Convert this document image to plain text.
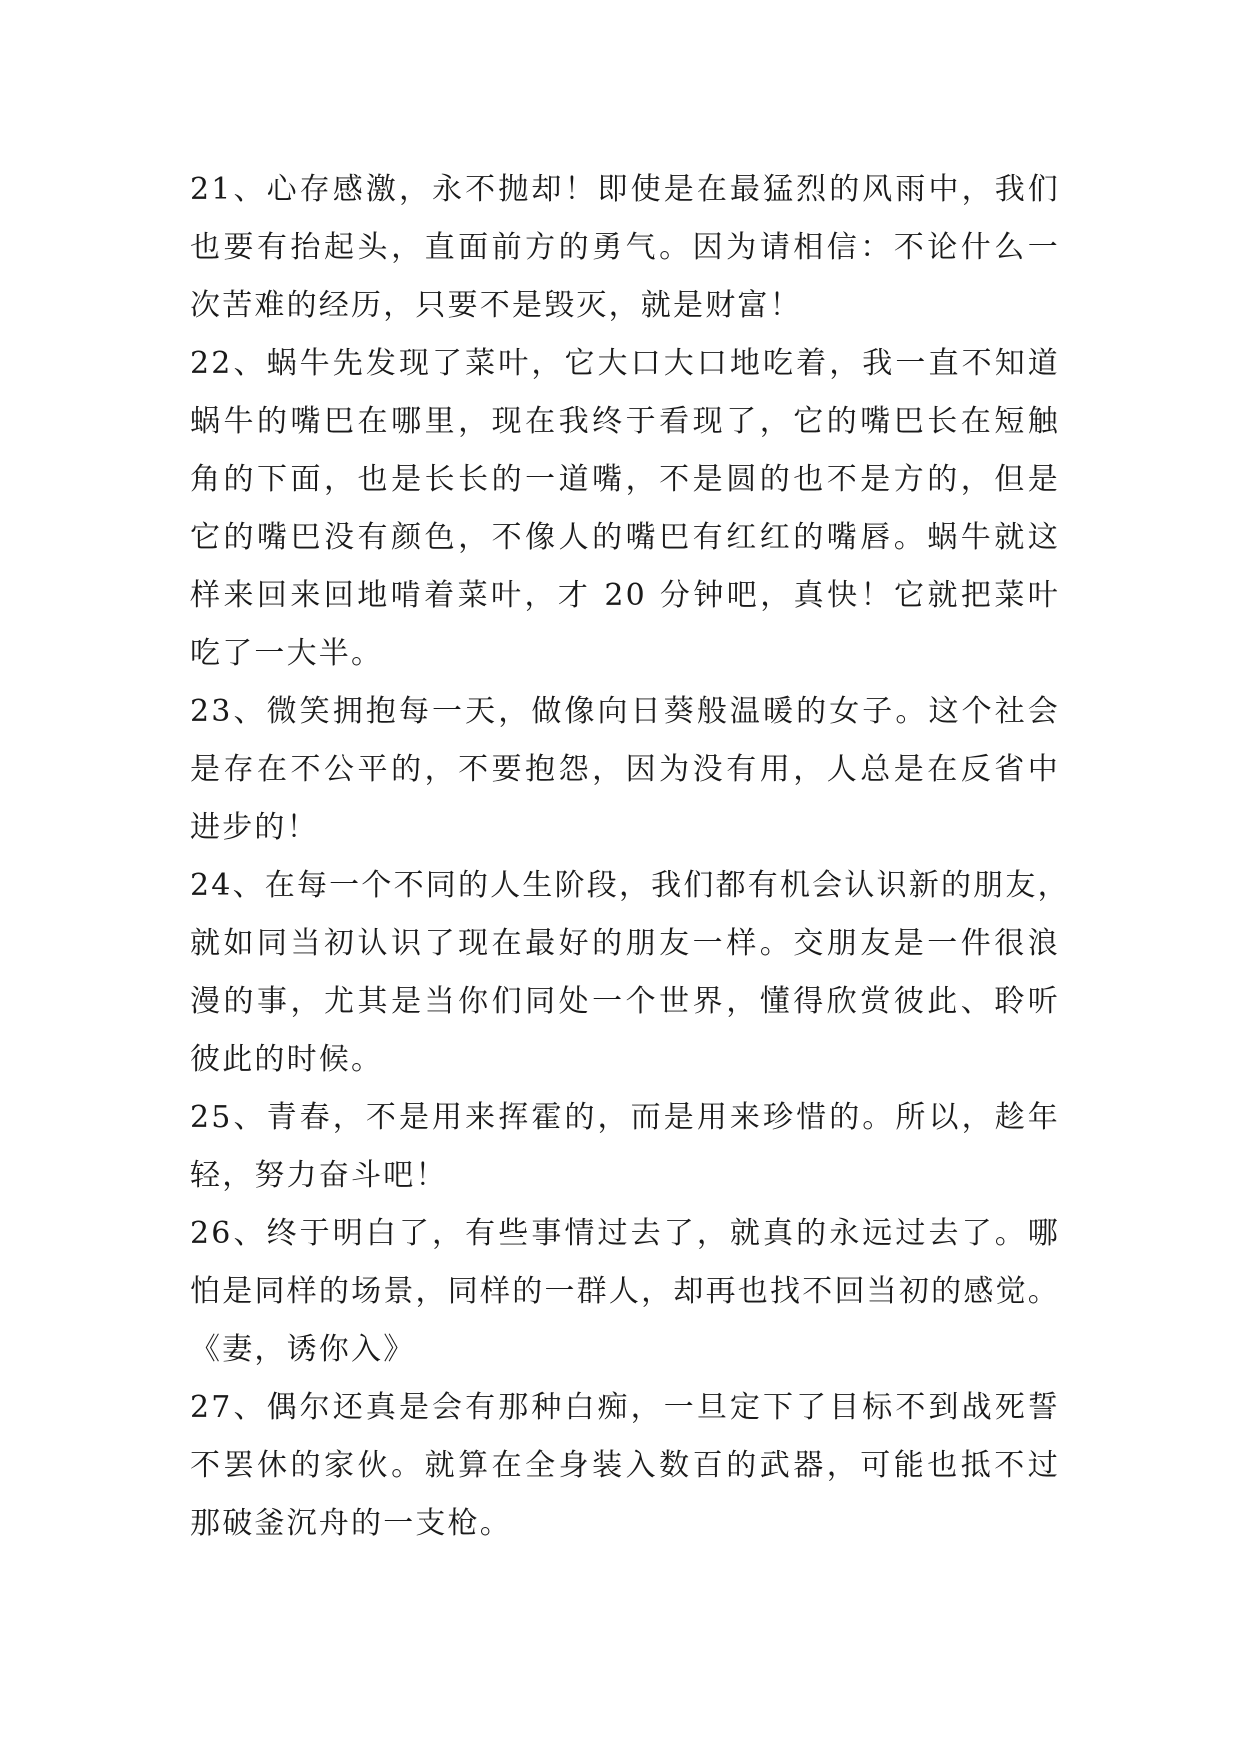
21、心存感激，永不抛却！即使是在最猛烈的风雨中，我们
也要有抬起头，直面前方的勇气。因为请相信：不论什么一
次苦难的经历，只要不是毁灭，就是财富！

22、蜗牛先发现了菜叶，它大口大口地吃着，我一直不知道
蜗牛的嘴巴在哪里，现在我终于看现了，它的嘴巴长在短触
角的下面，也是长长的一道嘴，不是圆的也不是方的，但是
它的嘴巴没有颜色，不像人的嘴巴有红红的嘴唇。蜗牛就这
样来回来回地啃着菜叶，才 20 分钟吧，真快！它就把菜叶
吃了一大半。

23、微笑拥抱每一天，做像向日葵般温暖的女子。这个社会
是存在不公平的，不要抱怨，因为没有用，人总是在反省中
进步的！

24、在每一个不同的人生阶段，我们都有机会认识新的朋友，
就如同当初认识了现在最好的朋友一样。交朋友是一件很浪
漫的事，尤其是当你们同处一个世界，懂得欣赏彼此、聆听
彼此的时候。

25、青春，不是用来挥霍的，而是用来珍惜的。所以，趁年
轻，努力奋斗吧！

26、终于明白了，有些事情过去了，就真的永远过去了。哪
怕是同样的场景，同样的一群人，却再也找不回当初的感觉。
《妻，诱你入》

27、偶尔还真是会有那种白痴，一旦定下了目标不到战死誓
不罢休的家伙。就算在全身装入数百的武器，可能也抵不过
那破釜沉舟的一支枪。
